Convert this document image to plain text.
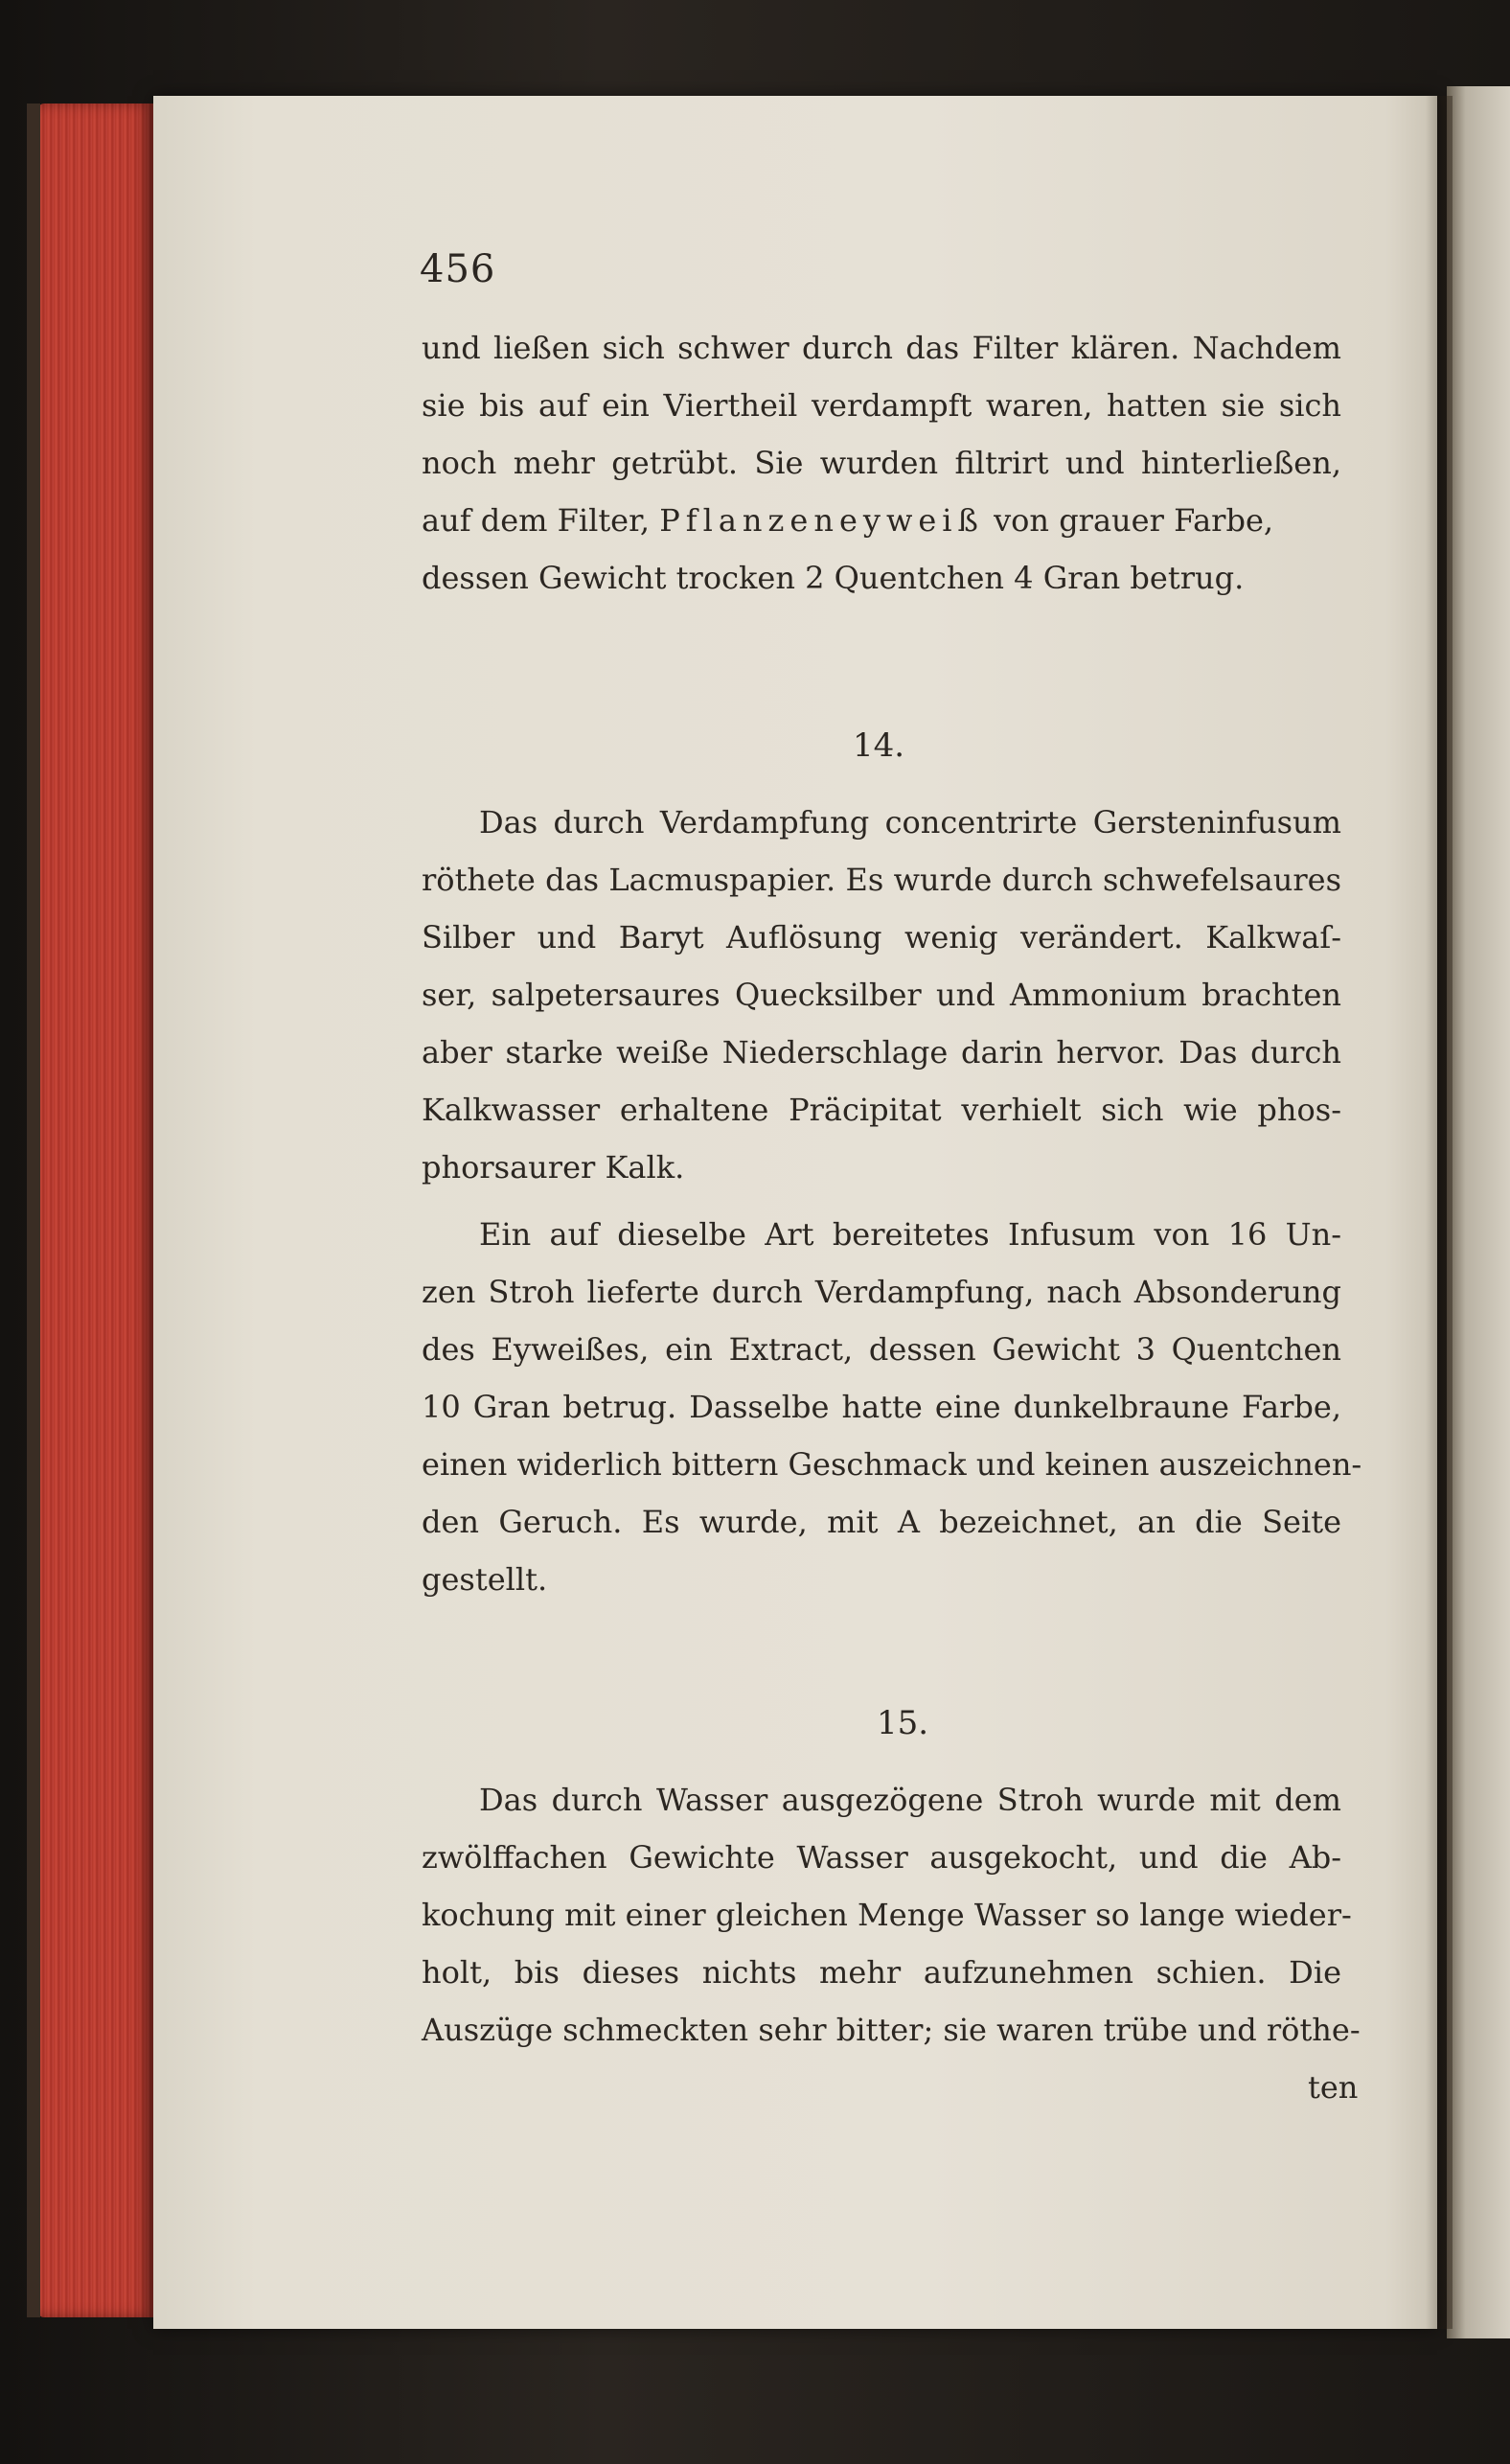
456
und ließen sich schwer durch das Filter klären. Nachdem
sie bis auf ein Viertheil verdampft waren, hatten sie sich
noch mehr getrübt. Sie wurden filtrirt und hinterließen,
auf dem Filter, Pflanzeneyweiß von grauer Farbe,
dessen Gewicht trocken 2 Quentchen 4 Gran betrug.
14.
Das durch Verdampfung concentrirte Gersteninfusum
röthete das Lacmuspapier. Es wurde durch schwefelsaures
Silber und Baryt Auflösung wenig verändert. Kalkwaſ-
ser, salpetersaures Quecksilber und Ammonium brachten
aber starke weiße Niederschlage darin hervor. Das durch
Kalkwasser erhaltene Präcipitat verhielt sich wie phos-
phorsaurer Kalk.
Ein auf dieselbe Art bereitetes Infusum von 16 Un-
zen Stroh lieferte durch Verdampfung, nach Absonderung
des Eyweißes, ein Extract, dessen Gewicht 3 Quentchen
10 Gran betrug. Dasselbe hatte eine dunkelbraune Farbe,
einen widerlich bittern Geschmack und keinen auszeichnen-
den Geruch. Es wurde, mit A bezeichnet, an die Seite
gestellt.
15.
Das durch Wasser ausgezögene Stroh wurde mit dem
zwölffachen Gewichte Wasser ausgekocht, und die Ab-
kochung mit einer gleichen Menge Wasser so lange wieder-
holt, bis dieses nichts mehr aufzunehmen schien. Die
Auszüge schmeckten sehr bitter; sie waren trübe und röthe-
ten
